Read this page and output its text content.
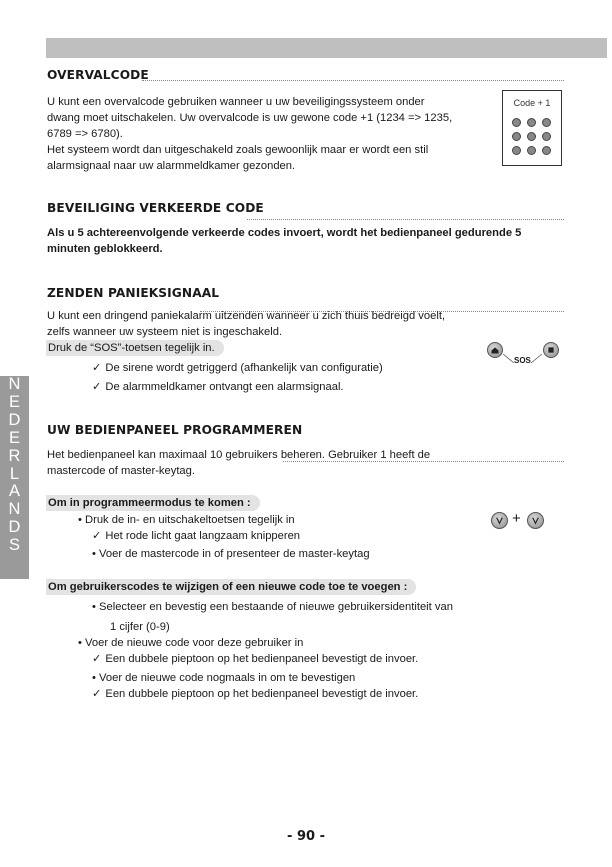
N
E
D
E
R
L
A
N
D
S
OVERVALCODE
U kunt een overvalcode gebruiken wanneer u uw beveiligingssysteem onder
dwang moet uitschakelen. Uw overvalcode is uw gewone code +1 (1234 => 1235,
6789 => 6780).
Het systeem wordt dan uitgeschakeld zoals gewoonlijk maar er wordt een stil
alarmsignaal naar uw alarmmeldkamer gezonden.
Code + 1
BEVEILIGING VERKEERDE CODE
Als u 5 achtereenvolgende verkeerde codes invoert, wordt het bedienpaneel gedurende 5
minuten geblokkeerd.
ZENDEN PANIEKSIGNAAL
U kunt een dringend paniekalarm uitzenden wanneer u zich thuis bedreigd voelt,
zelfs wanneer uw systeem niet is ingeschakeld.
Druk de “SOS”-toetsen tegelijk in.
✓ De sirene wordt getriggerd (afhankelijk van configuratie)
✓ De alarmmeldkamer ontvangt een alarmsignaal.
SOS
UW BEDIENPANEEL PROGRAMMEREN
Het bedienpaneel kan maximaal 10 gebruikers beheren. Gebruiker 1 heeft de
mastercode of master-keytag.
Om in programmeermodus te komen :
• Druk de in- en uitschakeltoetsen tegelijk in
✓ Het rode licht gaat langzaam knipperen
• Voer de mastercode in of presenteer de master-keytag
+
Om gebruikerscodes te wijzigen of een nieuwe code toe te voegen :
• Selecteer en bevestig een bestaande of nieuwe gebruikersidentiteit van
1 cijfer (0-9)
• Voer de nieuwe code voor deze gebruiker in
✓ Een dubbele pieptoon op het bedienpaneel bevestigt de invoer.
• Voer de nieuwe code nogmaals in om te bevestigen
✓ Een dubbele pieptoon op het bedienpaneel bevestigt de invoer.
- 90 -
